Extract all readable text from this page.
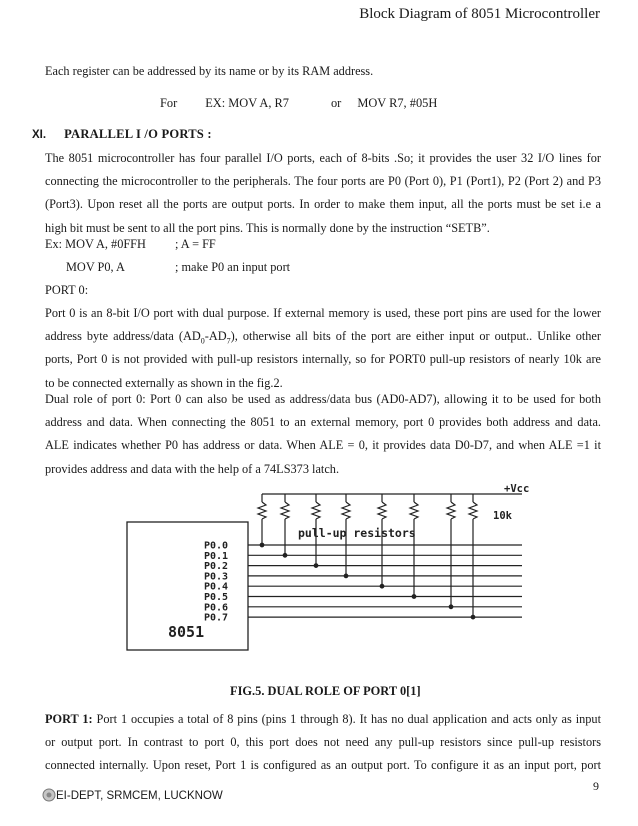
Block Diagram of 8051 Microcontroller
Each register can be addressed by its name or by its RAM address.
For EX: MOV A, R7	or MOV R7, #05H
XI. PARALLEL I /O PORTS :
The 8051 microcontroller has four parallel I/O ports, each of 8-bits .So; it provides the user 32 I/O lines for
connecting the microcontroller to the peripherals. The four ports are P0 (Port 0), P1 (Port1), P2 (Port 2) and P3
(Port3). Upon reset all the ports are output ports. In order to make them input, all the ports must be set i.e a
high bit must be sent to all the port pins. This is normally done by the instruction “SETB”.
Ex: MOV A, #0FFH ; A = FF
MOV P0, A	; make P0 an input port
PORT 0:
Port 0 is an 8-bit I/O port with dual purpose. If external memory is used, these port pins are used for the lower
address byte address/data $(AD_0-AD_7)$, otherwise all bits of the port are either input or output.. Unlike other
ports, Port 0 is not provided with pull-up resistors internally, so for PORT0 pull-up resistors of nearly 10k are
to be connected externally as shown in the fig.2.
Dual role of port 0: Port 0 can also be used as address/data bus (AD0-AD7), allowing it to be used for both
address and data. When connecting the 8051 to an external memory, port 0 provides both address and data.
ALE indicates whether P0 has address or data. When ALE = 0, it provides data D0-D7, and when ALE =1 it
provides address and data with the help of a 74LS373 latch.
+Vcc
10k
pull-up resistors
8051
P0.0
P0.1
P0.2
P0.3
P0.4
P0.5
P0.6
P0.7
FIG.5. DUAL ROLE OF PORT 0[1]
PORT 1: Port 1 occupies a total of 8 pins (pins 1 through 8). It has no dual application and acts only as input
or output port. In contrast to port 0, this port does not need any pull-up resistors since pull-up resistors
connected internally. Upon reset, Port 1 is configured as an output port. To configure it as an input port, port
EI-DEPT, SRMCEM, LUCKNOW
9
